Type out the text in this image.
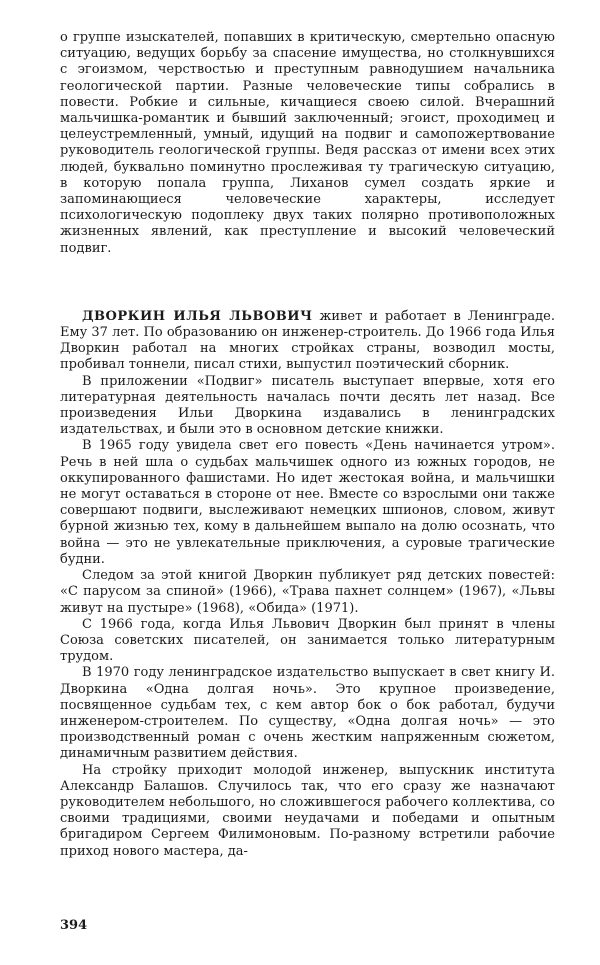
о группе изыскателей, попавших в критическую, смертельно опасную ситуацию, ведущих борьбу за спасение имущества, но столкнувшихся с эгоизмом, черствостью и преступным равнодушием начальника геологической партии. Разные человеческие типы собрались в повести. Робкие и сильные, кичащиеся своею силой. Вчерашний мальчишка-романтик и бывший заключенный; эгоист, проходимец и целеустремленный, умный, идущий на подвиг и самопожертвование руководитель геологической группы. Ведя рассказ от имени всех этих людей, буквально поминутно прослеживая ту трагическую ситуацию, в которую попала группа, Лиханов сумел создать яркие и запоминающиеся человеческие характеры, исследует психологическую подоплеку двух таких полярно противоположных жизненных явлений, как преступление и высокий человеческий подвиг.

ДВОРКИН ИЛЬЯ ЛЬВОВИЧ живет и работает в Ленинграде. Ему 37 лет. По образованию он инженер-строитель. До 1966 года Илья Дворкин работал на многих стройках страны, возводил мосты, пробивал тоннели, писал стихи, выпустил поэтический сборник.

В приложении «Подвиг» писатель выступает впервые, хотя его литературная деятельность началась почти десять лет назад. Все произведения Ильи Дворкина издавались в ленинградских издательствах, и были это в основном детские книжки.

В 1965 году увидела свет его повесть «День начинается утром». Речь в ней шла о судьбах мальчишек одного из южных городов, не оккупированного фашистами. Но идет жестокая война, и мальчишки не могут оставаться в стороне от нее. Вместе со взрослыми они также совершают подвиги, выслеживают немецких шпионов, словом, живут бурной жизнью тех, кому в дальнейшем выпало на долю осознать, что война — это не увлекательные приключения, а суровые трагические будни.

Следом за этой книгой Дворкин публикует ряд детских повестей: «С парусом за спиной» (1966), «Трава пахнет солнцем» (1967), «Львы живут на пустыре» (1968), «Обида» (1971).

С 1966 года, когда Илья Львович Дворкин был принят в члены Союза советских писателей, он занимается только литературным трудом.

В 1970 году ленинградское издательство выпускает в свет книгу И. Дворкина «Одна долгая ночь». Это крупное произведение, посвященное судьбам тех, с кем автор бок о бок работал, будучи инженером-строителем. По существу, «Одна долгая ночь» — это производственный роман с очень жестким напряженным сюжетом, динамичным развитием действия.

На стройку приходит молодой инженер, выпускник института Александр Балашов. Случилось так, что его сразу же назначают руководителем небольшого, но сложившегося рабочего коллектива, со своими традициями, своими неудачами и победами и опытным бригадиром Сергеем Филимоновым. По-разному встретили рабочие приход нового мастера, да-

394
